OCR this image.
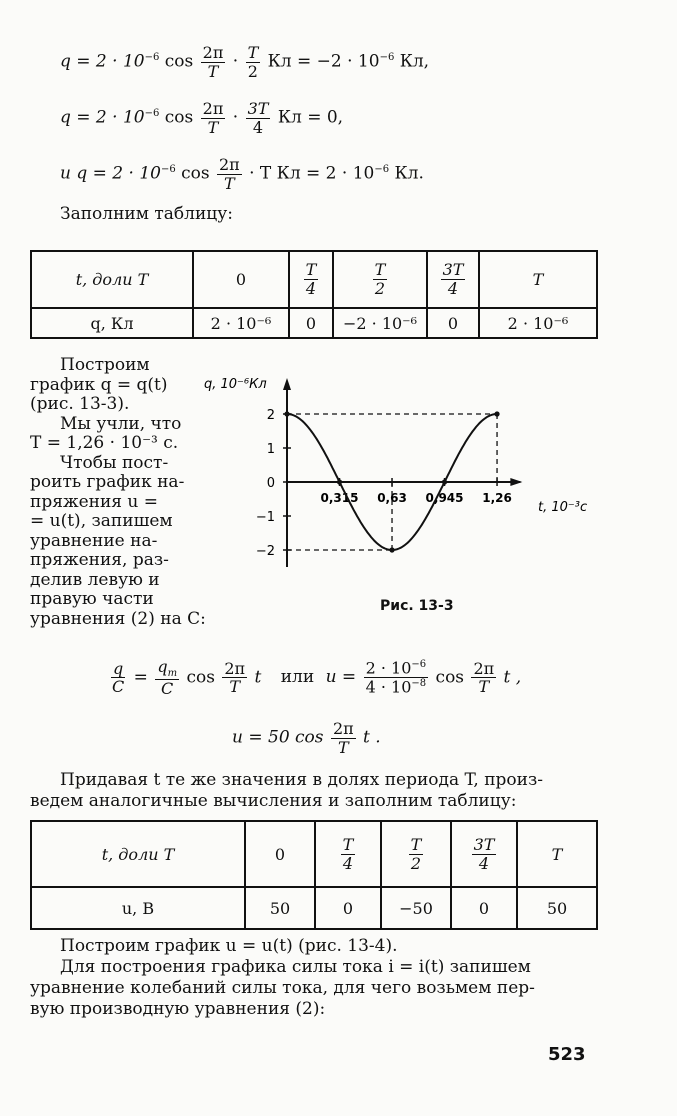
$q = 2 \cdot 10^{-6}$ $\cos \frac{2\pi}{T} \cdot \frac{T}{2}$ Кл = $-2 \cdot 10^{-6}$ Кл,
$q = 2 \cdot 10^{-6}$ $\cos \frac{2\pi}{T} \cdot \frac{3T}{4}$ Кл = 0,
и $q = 2 \cdot 10^{-6}$ $\cos \frac{2\pi}{T} \cdot T$ Кл = $2 \cdot 10^{-6}$ Кл.
Заполним таблицу:
t, доли T	0	$\frac{T}{4}$	$\frac{T}{2}$	$\frac{3T}{4}$	T
q, Кл	2 · 10⁻⁶	0	−2 · 10⁻⁶	0	2 · 10⁻⁶
Построим
график q = q(t)
(рис. 13-3).
Мы учли, что
T = 1,26 · 10⁻³ с.
Чтобы пост-
роить график на-
пряжения u =
= u(t), запишем
уравнение на-
пряжения, раз-
делив левую и
правую части
уравнения (2) на C:
q, 10⁻⁶Кл
t, 10⁻³с
2
1
0
−1
−2
0,315 0,63 0,945 1,26
Рис. 13-3
$\frac{q}{C} = \frac{q_m}{C}$ $\cos \frac{2\pi}{T}$ t или $u = \frac{2 \cdot 10^{-6}}{4 \cdot 10^{-8}}$ $\cos \frac{2\pi}{T}$ t ,
u = 50 $\cos \frac{2\pi}{T}$ t .
Придавая t те же значения в долях периода T, произ-
ведем аналогичные вычисления и заполним таблицу:
t, доли T	0	$\frac{T}{4}$	$\frac{T}{2}$	$\frac{3T}{4}$	T
u, В	50	0	−50	0	50
Построим график u = u(t) (рис. 13-4).
Для построения графика силы тока i = i(t) запишем
уравнение колебаний силы тока, для чего возьмем пер-
вую производную уравнения (2):
523
